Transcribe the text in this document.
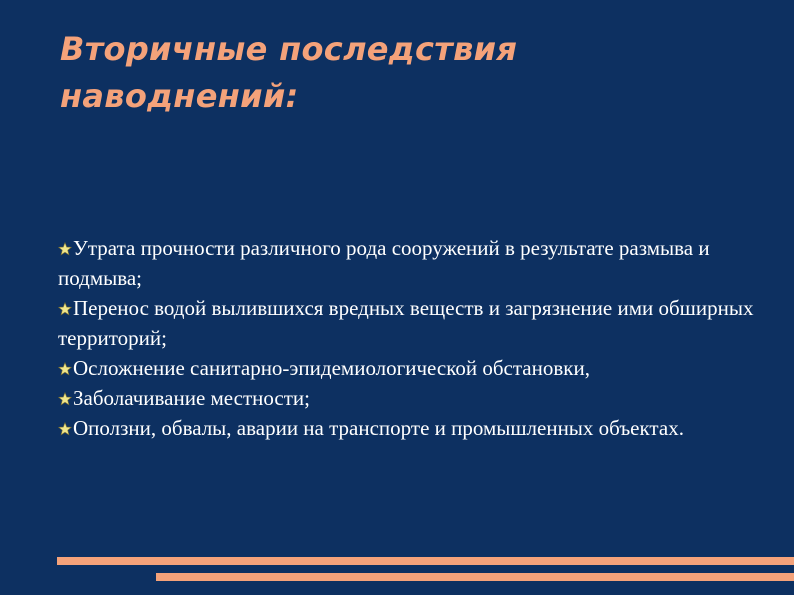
Вторичные последствия наводнений:
Утрата прочности различного рода сооружений в результате размыва и подмыва;
Перенос водой вылившихся вредных веществ и загрязнение ими обширных территорий;
Осложнение санитарно-эпидемиологической обстановки,
Заболачивание местности;
Оползни, обвалы, аварии на транспорте и промышленных объектах.
